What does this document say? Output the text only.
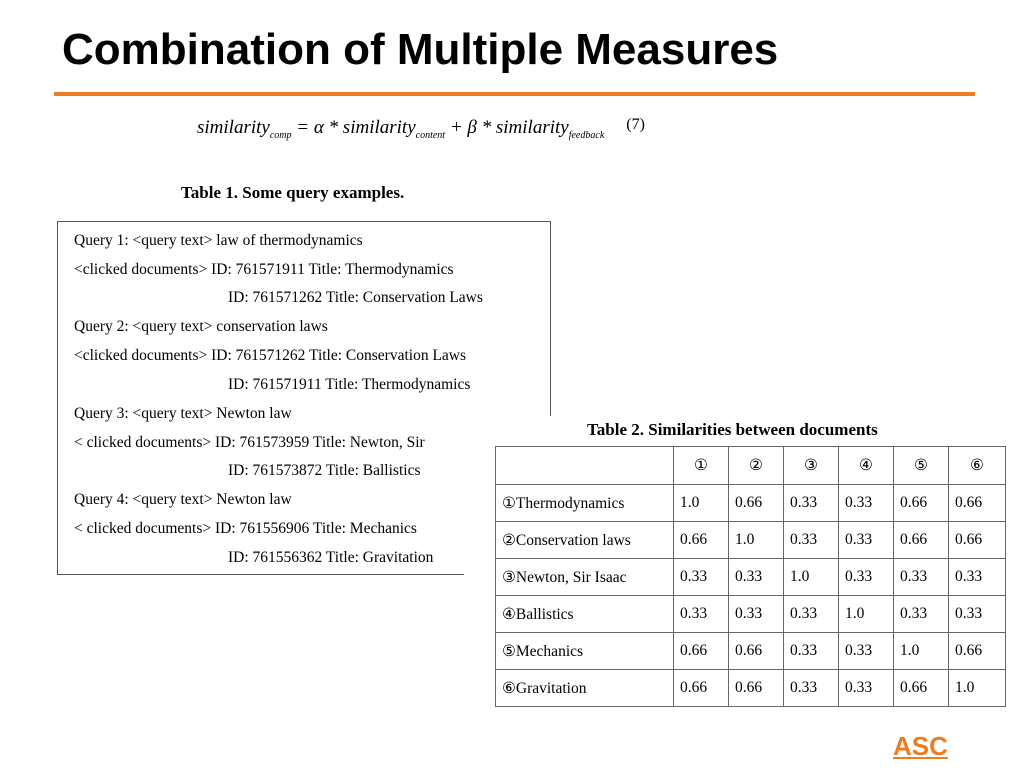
Combination of Multiple Measures
similarity$_{comp}$ = α * similarity$_{content}$ + β * similarity$_{feedback}^{(7)}$
Table 1. Some query examples.
Query 1: <query text> law of thermodynamics
<clicked documents> ID: 761571911 Title: Thermodynamics
ID: 761571262 Title: Conservation Laws
Query 2: <query text> conservation laws
<clicked documents> ID: 761571262 Title: Conservation Laws
ID: 761571911 Title: Thermodynamics
Query 3: <query text> Newton law
< clicked documents> ID: 761573959 Title: Newton, Sir
ID: 761573872 Title: Ballistics
Query 4: <query text> Newton law
< clicked documents> ID: 761556906 Title: Mechanics
ID: 761556362 Title: Gravitation
Table 2. Similarities between documents
	①	②	③	④	⑤	⑥
①Thermodynamics	1.0	0.66	0.33	0.33	0.66	0.66
②Conservation laws	0.66	1.0	0.33	0.33	0.66	0.66
③Newton, Sir Isaac	0.33	0.33	1.0	0.33	0.33	0.33
④Ballistics	0.33	0.33	0.33	1.0	0.33	0.33
⑤Mechanics	0.66	0.66	0.33	0.33	1.0	0.66
⑥Gravitation	0.66	0.66	0.33	0.33	0.66	1.0
ASC
